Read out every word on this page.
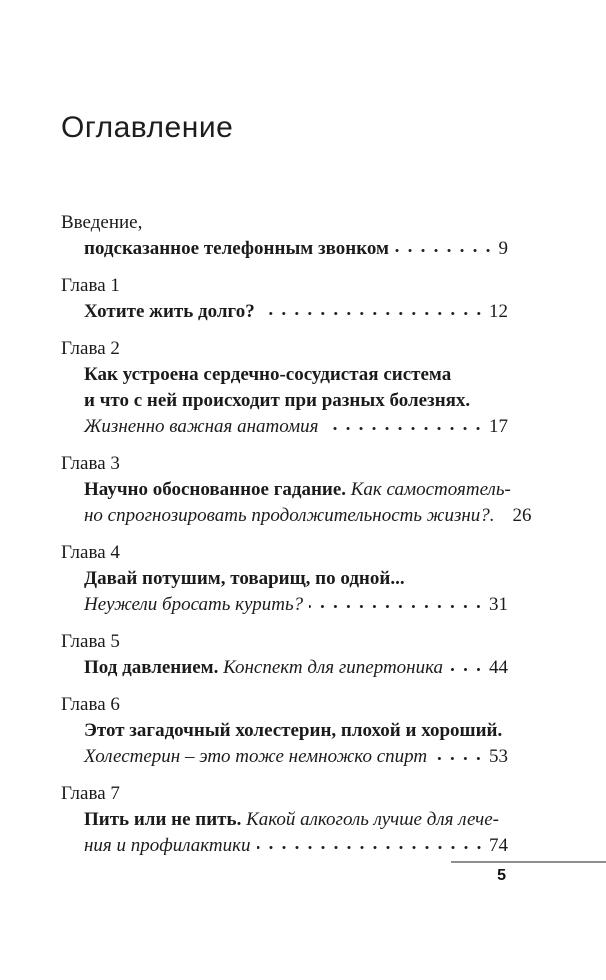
Оглавление
Введение,
подсказанное телефонным звонком	9
Глава 1
Хотите жить долго?	12
Глава 2
Как устроена сердечно-сосудистая система
и что с ней происходит при разных болезнях.
Жизненно важная анатомия	17
Глава 3
Научно обоснованное гадание. Как самостоятель-
но спрогнозировать продолжительность жизни?. 26
Глава 4
Давай потушим, товарищ, по одной...
Неужели бросать курить?	31
Глава 5
Под давлением. Конспект для гипертоника 44
Глава 6
Этот загадочный холестерин, плохой и хороший.
Холестерин – это тоже немножко спирт	53
Глава 7
Пить или не пить. Какой алкоголь лучше для лече-
ния и профилактики	74
5
